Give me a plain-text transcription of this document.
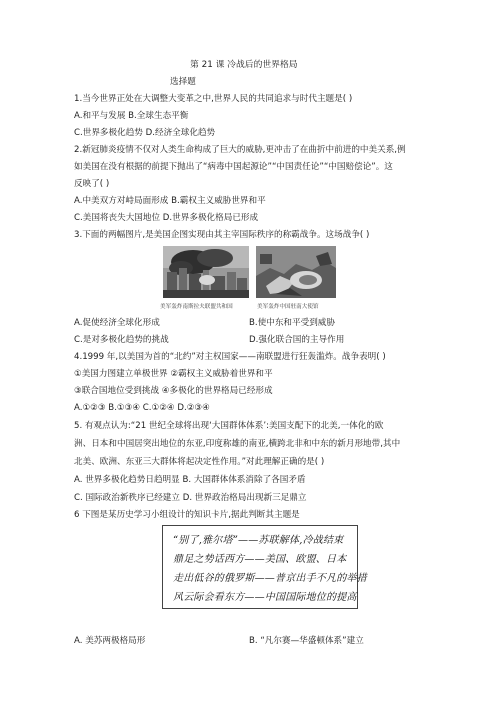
第 21 课 冷战后的世界格局
选择题
1.当今世界正处在大调整大变革之中,世界人民的共同追求与时代主题是( )
A.和平与发展 B.全球生态平衡
C.世界多极化趋势 D.经济全球化趋势
2.新冠肺炎疫情不仅对人类生命构成了巨大的威胁,更冲击了在曲折中前进的中美关系,例
如美国在没有根据的前提下抛出了“病毒中国起源论”“中国责任论”“中国赔偿论”。这
反映了( )
A.中美双方对峙局面形成 B.霸权主义威胁世界和平
C.美国将丧失大国地位 D.世界多极化格局已形成
3.下面的两幅图片,是美国企图实现由其主宰国际秩序的称霸战争。这场战争( )
美军轰炸南斯拉夫联盟共和国	美军轰炸中国驻南大使馆
A.促使经济全球化形成	B.使中东和平受到威胁
C.是对多极化趋势的挑战	D.强化联合国的主导作用
4.1999 年,以美国为首的“北约”对主权国家——南联盟进行狂轰滥炸。战争表明( )
①美国力图建立单极世界 ②霸权主义威胁着世界和平
③联合国地位受到挑战 ④多极化的世界格局已经形成
A.①②③ B.①③④ C.①②④ D.②③④
5. 有观点认为:“21 世纪全球将出现‘大国群体体系’:美国支配下的北美,一体化的欧
洲、日本和中国居突出地位的东亚,印度称雄的南亚,横跨北非和中东的新月形地带,其中
北美、欧洲、东亚三大群体将起决定性作用。”对此理解正确的是( )
A. 世界多极化趋势日趋明显 B. 大国群体体系消除了各国矛盾
C. 国际政治新秩序已经建立 D. 世界政治格局出现新三足鼎立
6 下图是某历史学习小组设计的知识卡片,据此判断其主题是
“别了,雅尔塔”——苏联解体,冷战结束
鼎足之势话西方——美国、欧盟、日本
走出低谷的俄罗斯——普京出手不凡的举措
风云际会看东方——中国国际地位的提高
A. 美苏两极格局形	B. “凡尔赛—华盛顿体系”建立
